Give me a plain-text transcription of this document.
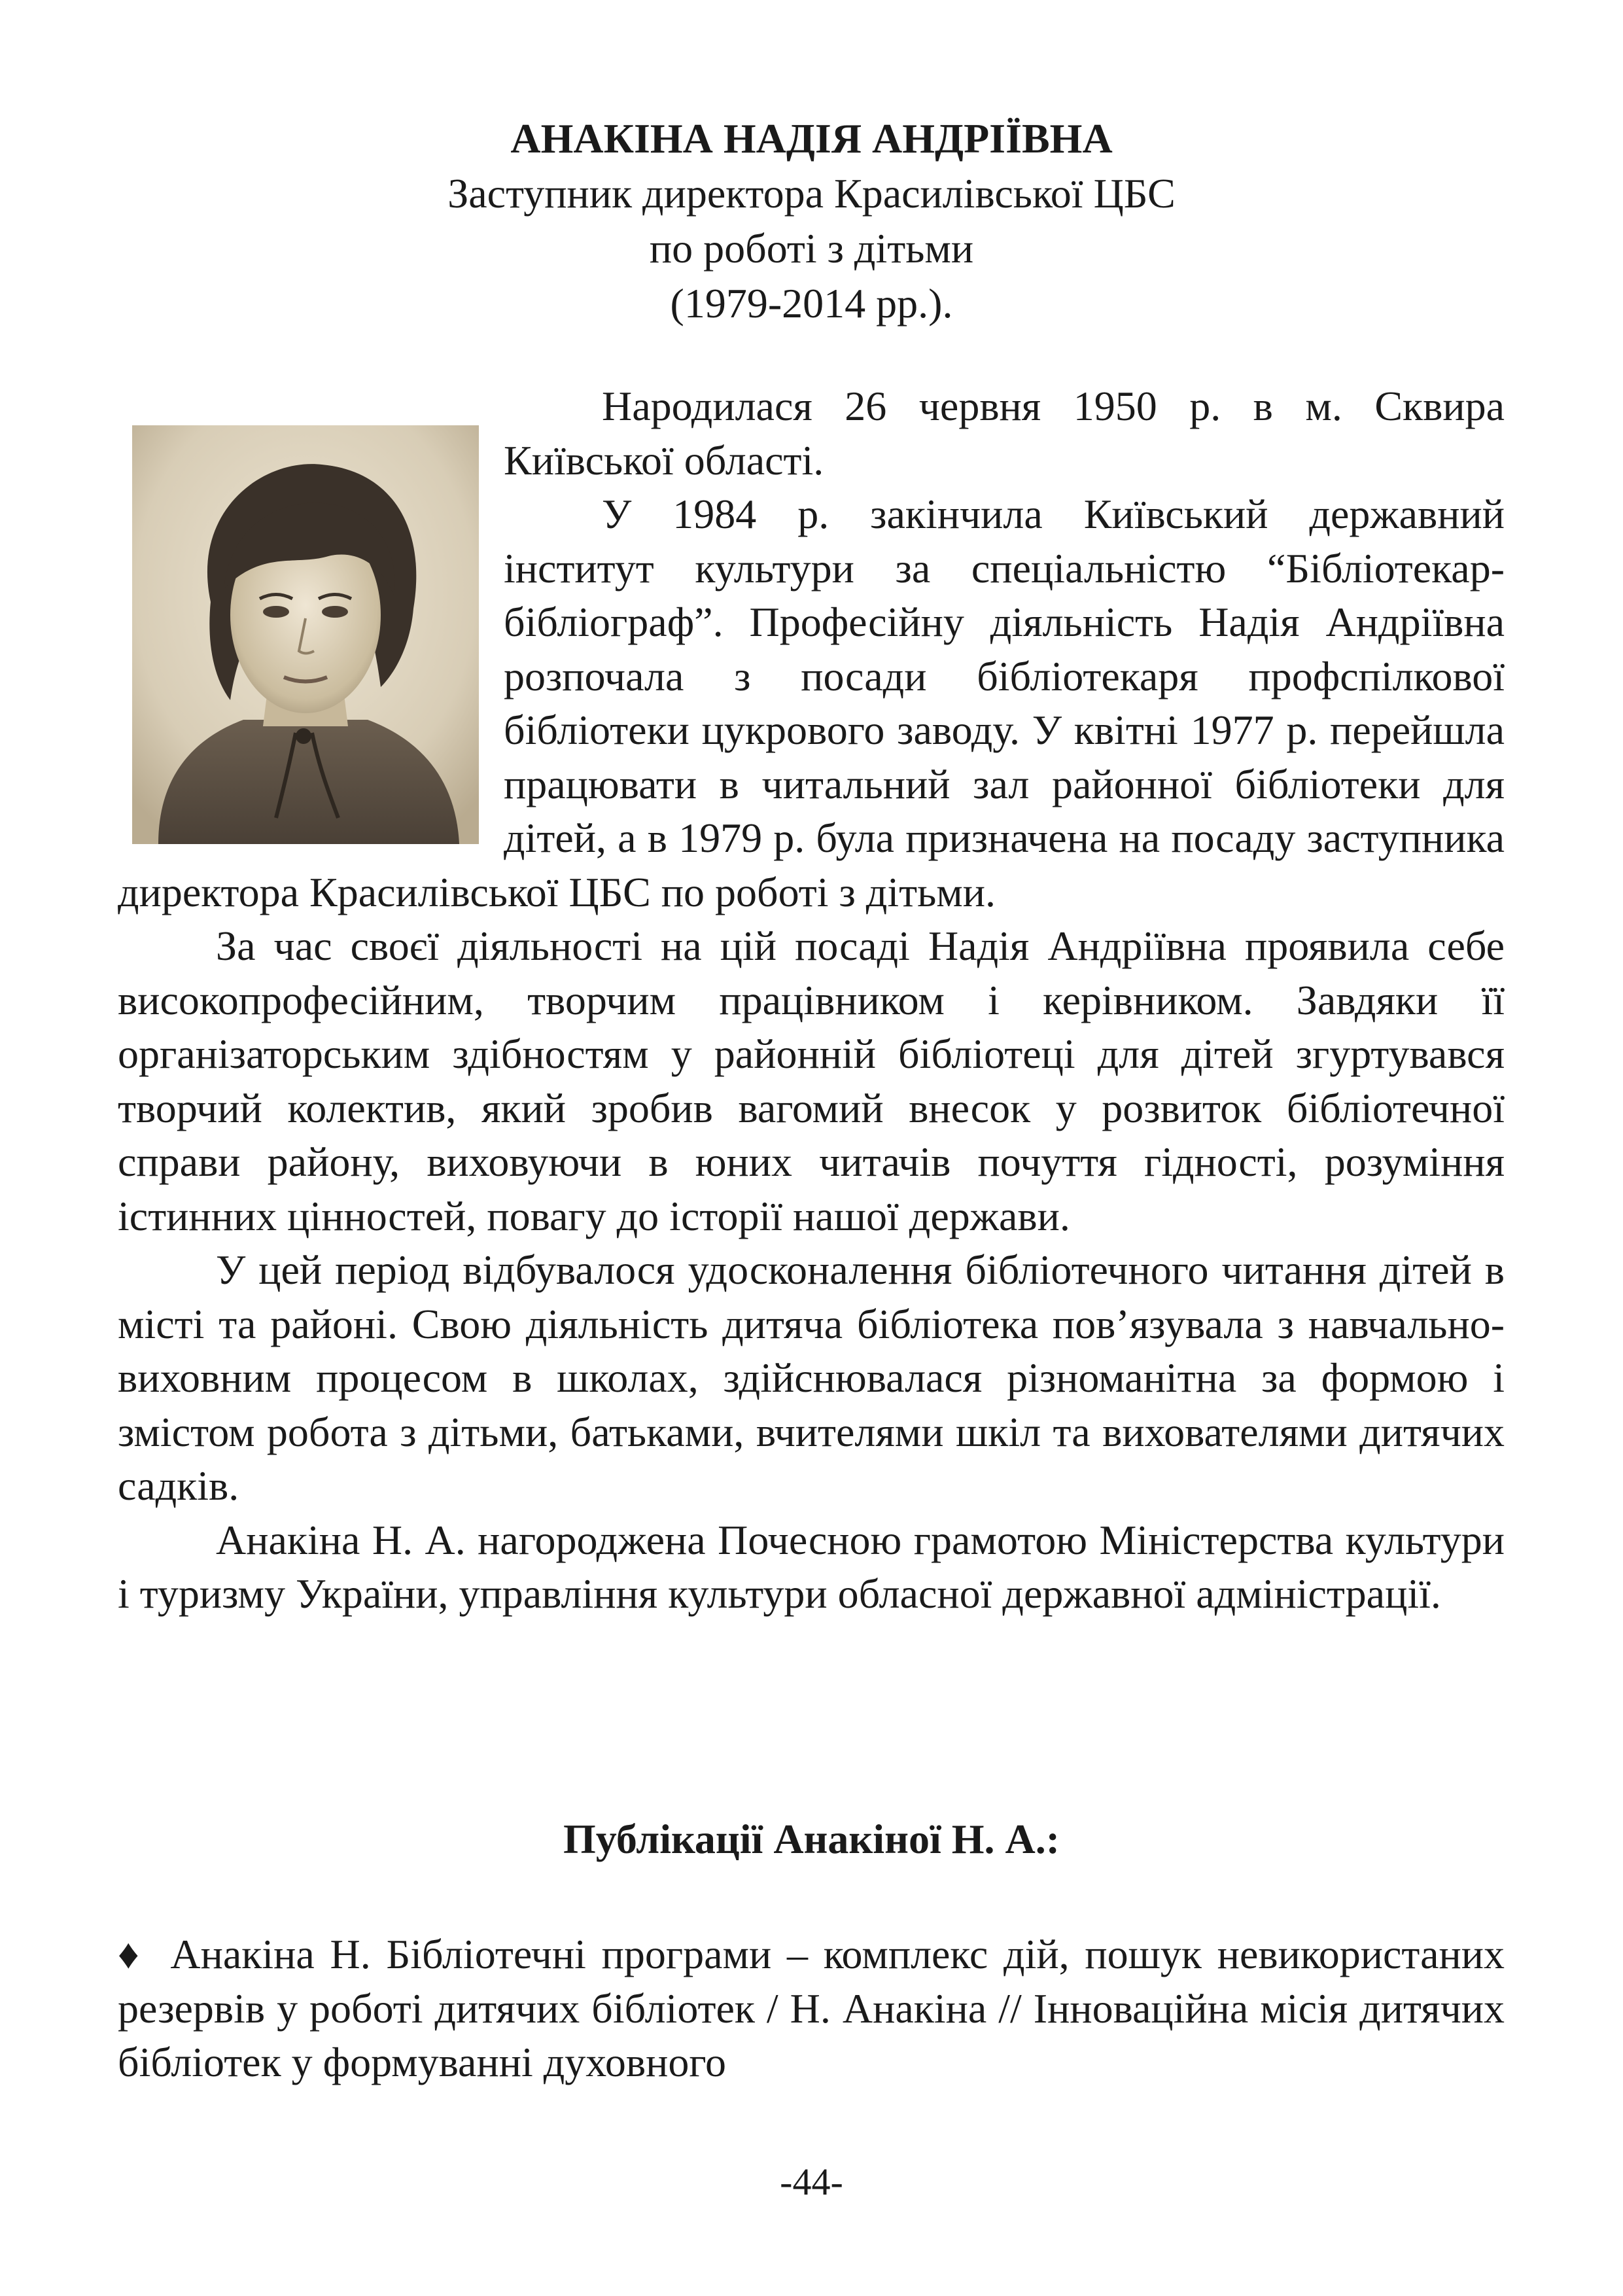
АНАКІНА НАДІЯ АНДРІЇВНА
Заступник директора Красилівської ЦБС
по роботі з дітьми
(1979-2014 рр.).

Народилася 26 червня 1950 р. в м. Сквира Київської області.

У 1984 р. закінчила Київський державний інститут культури за спеціальністю “Бібліотекар-бібліограф”. Професійну діяльність Надія Андріївна розпочала з посади бібліотекаря профспілкової бібліотеки цукрового заводу. У квітні 1977 р. перейшла працювати в читальний зал районної бібліотеки для дітей, а в 1979 р. була призначена на посаду заступника директора Красилівської ЦБС по роботі з дітьми.

За час своєї діяльності на цій посаді Надія Андріївна проявила себе високопрофесійним, творчим працівником і керівником. Завдяки її організаторським здібностям у районній бібліотеці для дітей згуртувався творчий колектив, який зробив вагомий внесок у розвиток бібліотечної справи району, виховуючи в юних читачів почуття гідності, розуміння істинних цінностей, повагу до історії нашої держави.

У цей період відбувалося удосконалення бібліотечного читання дітей в місті та районі. Свою діяльність дитяча бібліотека пов’язувала з навчально-виховним процесом в школах, здійснювалася різноманітна за формою і змістом робота з дітьми, батьками, вчителями шкіл та вихователями дитячих садків.

Анакіна Н. А. нагороджена Почесною грамотою Міністерства культури і туризму України, управління культури обласної державної адміністрації.

Публікації Анакіної Н. А.:

♦ Анакіна Н. Бібліотечні програми – комплекс дій, пошук невикористаних резервів у роботі дитячих бібліотек / Н. Анакіна // Інноваційна місія дитячих бібліотек у формуванні духовного

-44-
